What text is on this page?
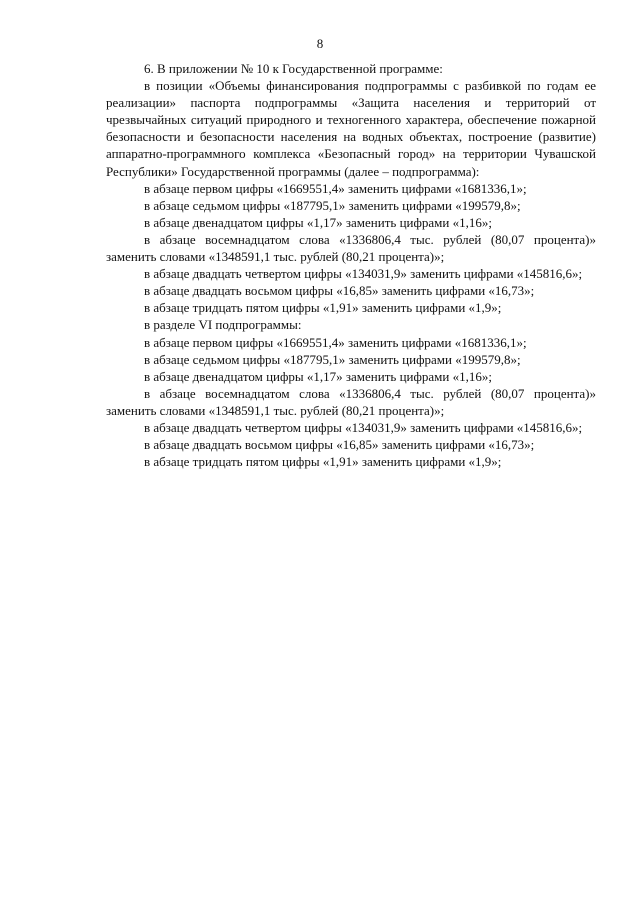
8

6. В приложении № 10 к Государственной программе:

в позиции «Объемы финансирования подпрограммы с разбивкой по годам ее реализации» паспорта подпрограммы «Защита населения и территорий от чрезвычайных ситуаций природного и техногенного характера, обеспечение пожарной безопасности и безопасности населения на водных объектах, построение (развитие) аппаратно-программного комплекса «Безопасный город» на территории Чувашской Республики» Государственной программы (далее – подпрограмма):

в абзаце первом цифры «1669551,4» заменить цифрами «1681336,1»;

в абзаце седьмом цифры «187795,1» заменить цифрами «199579,8»;

в абзаце двенадцатом цифры «1,17» заменить цифрами «1,16»;

в абзаце восемнадцатом слова «1336806,4 тыс. рублей (80,07 процента)» заменить словами «1348591,1 тыс. рублей (80,21 процента)»;

в абзаце двадцать четвертом цифры «134031,9» заменить цифрами «145816,6»;

в абзаце двадцать восьмом цифры «16,85» заменить цифрами «16,73»;

в абзаце тридцать пятом цифры «1,91» заменить цифрами «1,9»;

в разделе VI подпрограммы:

в абзаце первом цифры «1669551,4» заменить цифрами «1681336,1»;

в абзаце седьмом цифры «187795,1» заменить цифрами «199579,8»;

в абзаце двенадцатом цифры «1,17» заменить цифрами «1,16»;

в абзаце восемнадцатом слова «1336806,4 тыс. рублей (80,07 процента)» заменить словами «1348591,1 тыс. рублей (80,21 процента)»;

в абзаце двадцать четвертом цифры «134031,9» заменить цифрами «145816,6»;

в абзаце двадцать восьмом цифры «16,85» заменить цифрами «16,73»;

в абзаце тридцать пятом цифры «1,91» заменить цифрами «1,9»;
